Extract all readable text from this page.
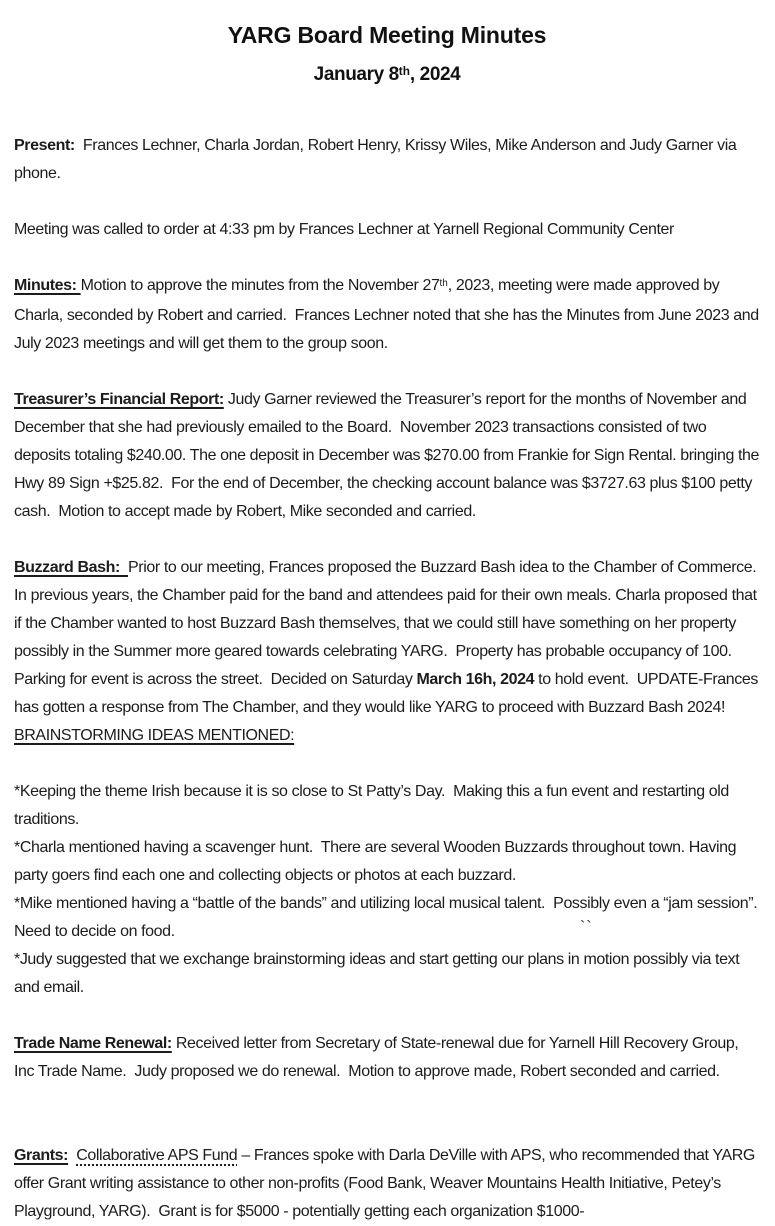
YARG Board Meeting Minutes
January 8th, 2024
Present:  Frances Lechner, Charla Jordan, Robert Henry, Krissy Wiles, Mike Anderson and Judy Garner via phone.
Meeting was called to order at 4:33 pm by Frances Lechner at Yarnell Regional Community Center
Minutes: Motion to approve the minutes from the November 27th, 2023, meeting were made approved by Charla, seconded by Robert and carried.  Frances Lechner noted that she has the Minutes from June 2023 and July 2023 meetings and will get them to the group soon.
Treasurer’s Financial Report: Judy Garner reviewed the Treasurer’s report for the months of November and December that she had previously emailed to the Board.  November 2023 transactions consisted of two deposits totaling $240.00. The one deposit in December was $270.00 from Frankie for Sign Rental. bringing the Hwy 89 Sign +$25.82.  For the end of December, the checking account balance was $3727.63 plus $100 petty cash.  Motion to accept made by Robert, Mike seconded and carried.
Buzzard Bash:  Prior to our meeting, Frances proposed the Buzzard Bash idea to the Chamber of Commerce. In previous years, the Chamber paid for the band and attendees paid for their own meals. Charla proposed that if the Chamber wanted to host Buzzard Bash themselves, that we could still have something on her property possibly in the Summer more geared towards celebrating YARG.  Property has probable occupancy of 100.  Parking for event is across the street.  Decided on Saturday March 16h, 2024 to hold event.  UPDATE-Frances has gotten a response from The Chamber, and they would like YARG to proceed with Buzzard Bash 2024!
BRAINSTORMING IDEAS MENTIONED:
*Keeping the theme Irish because it is so close to St Patty’s Day.  Making this a fun event and restarting old traditions.
*Charla mentioned having a scavenger hunt.  There are several Wooden Buzzards throughout town. Having party goers find each one and collecting objects or photos at each buzzard.
*Mike mentioned having a “battle of the bands” and utilizing local musical talent.  Possibly even a “jam session”.
Need to decide on food.	``
*Judy suggested that we exchange brainstorming ideas and start getting our plans in motion possibly via text and email.
Trade Name Renewal: Received letter from Secretary of State-renewal due for Yarnell Hill Recovery Group, Inc Trade Name.  Judy proposed we do renewal.  Motion to approve made, Robert seconded and carried.
Grants: Collaborative APS Fund – Frances spoke with Darla DeVille with APS, who recommended that YARG offer Grant writing assistance to other non-profits (Food Bank, Weaver Mountains Health Initiative, Petey’s Playground, YARG).  Grant is for $5000 - potentially getting each organization $1000-
